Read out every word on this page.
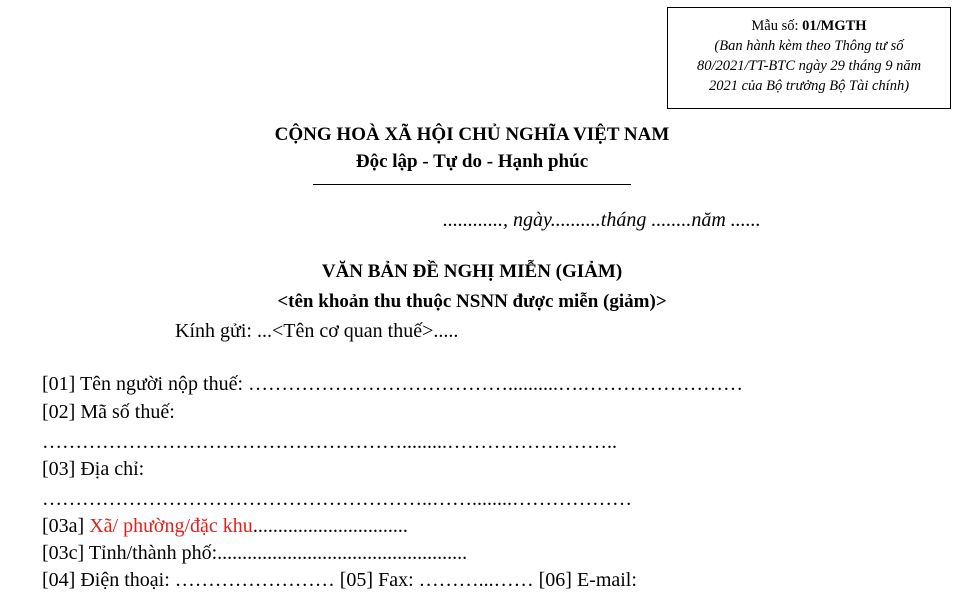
Mẫu số: 01/MGTH
(Ban hành kèm theo Thông tư số
80/2021/TT-BTC ngày 29 tháng 9 năm
2021 của Bộ trưởng Bộ Tài chính)
CỘNG HOÀ XÃ HỘI CHỦ NGHĨA VIỆT NAM
Độc lập - Tự do - Hạnh phúc
............, ngày..........tháng ........năm ......
VĂN BẢN ĐỀ NGHỊ MIỄN (GIẢM)
<tên khoản thu thuộc NSNN được miễn (giảm)>
Kính gửi: ...<Tên cơ quan thuế>.....
[01] Tên người nộp thuế: …………………………………..........….……………………
[02] Mã số thuế:
……………………………………………….........……………………..
[03] Địa chỉ:
…………………………………………………..……........………………
[03a] Xã/ phường/đặc khu...............................
[03c] Tỉnh/thành phố:..................................................
[04] Điện thoại: …………………… [05] Fax: ………...…… [06] E-mail:
